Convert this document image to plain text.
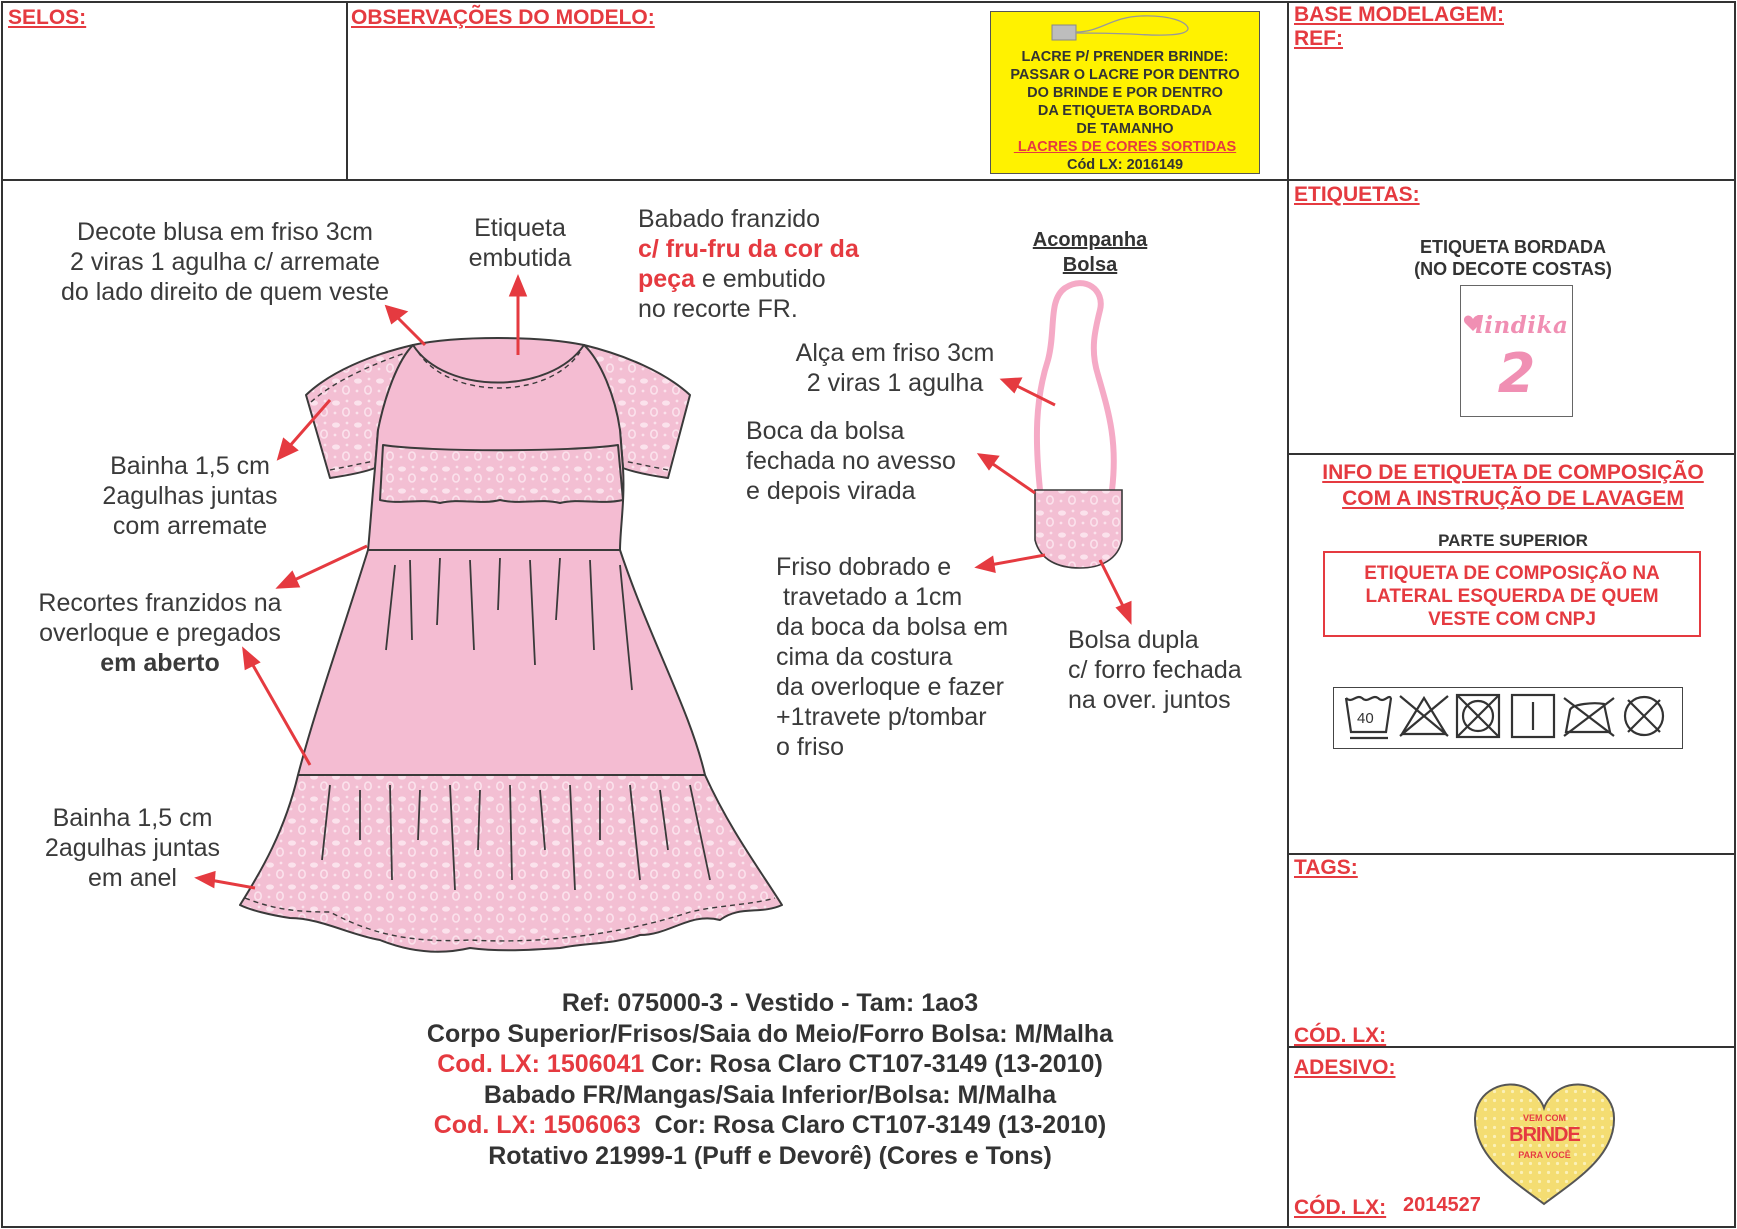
SELOS:	OBSERVAÇÕES DO MODELO:	BASE MODELAGEM:
REF:
LACRE P/ PRENDER BRINDE:
PASSAR O LACRE POR DENTRO
DO BRINDE E POR DENTRO
DA ETIQUETA BORDADA
DE TAMANHO
LACRES DE CORES SORTIDAS
Cód LX: 2016149
ETIQUETAS:
ETIQUETA BORDADA
(NO DECOTE COSTAS)
lindika
2
INFO DE ETIQUETA DE COMPOSIÇÃO
COM A INSTRUÇÃO DE LAVAGEM
PARTE SUPERIOR
ETIQUETA DE COMPOSIÇÃO NA
LATERAL ESQUERDA DE QUEM
VESTE COM CNPJ
40
TAGS:
CÓD. LX:
ADESIVO:
CÓD. LX: 2014527
VEM COM
BRINDE
PARA VOCÊ
Decote blusa em friso 3cm
2 viras 1 agulha c/ arremate
do lado direito de quem veste
Etiqueta
embutida
Babado franzido
c/ fru-fru da cor da
peça e embutido
no recorte FR.
Bainha 1,5 cm
2agulhas juntas
com arremate
Recortes franzidos na
overloque e pregados
em aberto
Bainha 1,5 cm
2agulhas juntas
em anel
Acompanha
Bolsa
Alça em friso 3cm
2 viras 1 agulha
Boca da bolsa
fechada no avesso
e depois virada
Friso dobrado e
travetado a 1cm
da boca da bolsa em
cima da costura
da overloque e fazer
+1travete p/tombar
o friso
Bolsa dupla
c/ forro fechada
na over. juntos
Ref: 075000-3 - Vestido - Tam: 1ao3
Corpo Superior/Frisos/Saia do Meio/Forro Bolsa: M/Malha
Cod. LX: 1506041 Cor: Rosa Claro CT107-3149 (13-2010)
Babado FR/Mangas/Saia Inferior/Bolsa: M/Malha
Cod. LX: 1506063  Cor: Rosa Claro CT107-3149 (13-2010)
Rotativo 21999-1 (Puff e Devorê) (Cores e Tons)
